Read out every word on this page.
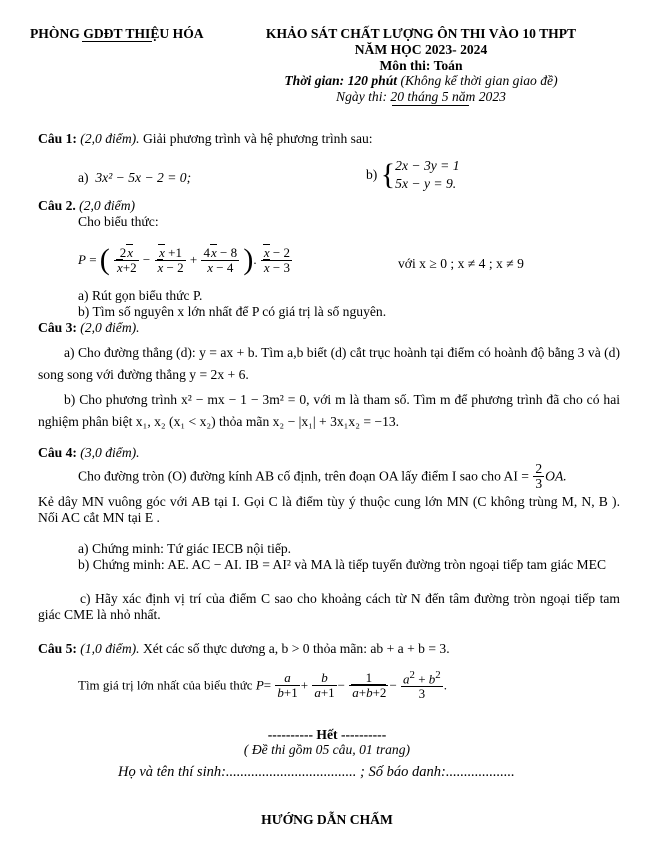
PHÒNG GDĐT THIỆU HÓA	KHẢO SÁT CHẤT LƯỢNG ÔN THI VÀO 10 THPT
NĂM HỌC 2023- 2024
Môn thi: Toán
Thời gian: 120 phút (Không kể thời gian giao đề)
Ngày thi: 20 tháng 5 năm 2023
Câu 1: (2,0 điểm). Giải phương trình và hệ phương trình sau:
a) 3x² − 5x − 2 = 0;	b) {2x − 3y = 1
5x − y = 9.
Câu 2. (2,0 điểm)
Cho biểu thức:
P = ( $\frac{2x}{x+2} - \frac{x +1}{x - 2} + \frac{4x - 8}{x - 4}$ ). $\frac{x - 2}{x - 3}$	với x ≥ 0 ; x ≠ 4 ; x ≠ 9
a) Rút gọn biểu thức P.
b) Tìm số nguyên x lớn nhất để P có giá trị là số nguyên.
Câu 3: (2,0 điểm).

a) Cho đường thẳng (d): y = ax + b. Tìm a,b biết (d) cắt trục hoành tại điểm có hoành độ bằng 3 và (d) song song với đường thẳng y = 2x + 6.

b) Cho phương trình x² − mx − 1 − 3m² = 0, với m là tham số. Tìm m để phương trình đã cho có hai nghiệm phân biệt x₁, x₂ (x₁ < x₂) thỏa mãn x₂ − |x₁| + 3x₁x₂ = −13.

Câu 4: (3,0 điểm).
Cho đường tròn (O) đường kính AB cố định, trên đoạn OA lấy điểm I sao cho AI = $\frac{2}{3}$ OA.

Kẻ dây MN vuông góc với AB tại I. Gọi C là điểm tùy ý thuộc cung lớn MN (C không trùng M, N, B ). Nối AC cắt MN tại E .

a) Chứng minh: Tứ giác IECB nội tiếp.

b) Chứng minh: AE. AC − AI. IB = AI² và MA là tiếp tuyến đường tròn ngoại tiếp tam giác MEC

c) Hãy xác định vị trí của điểm C sao cho khoảng cách từ N đến tâm đường tròn ngoại tiếp tam giác CME là nhỏ nhất.

Câu 5: (1,0 điểm). Xét các số thực dương a, b > 0 thỏa mãn: ab + a + b = 3.
Tìm giá trị lớn nhất của biểu thức $P= \frac{a}{b+1} + \frac{b}{a+1} - \frac{1}{a+b+2} - \frac{a^2 + b^2}{3}$ .
---------- Hết ----------
( Đề thi gồm 05 câu, 01 trang)
Họ và tên thí sinh:.................................... ; Số báo danh:...................
HƯỚNG DẪN CHẤM
